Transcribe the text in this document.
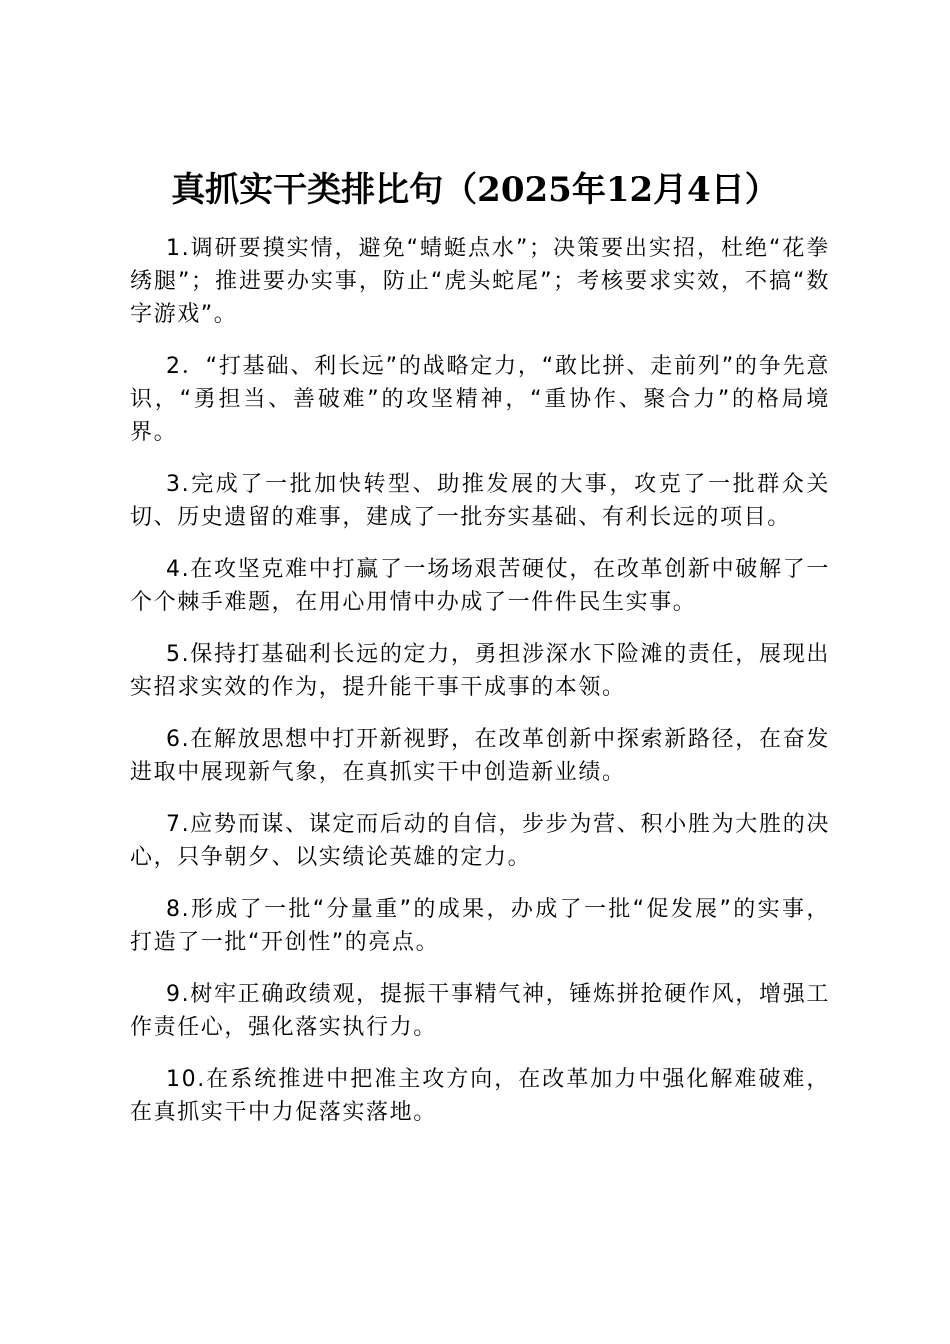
真抓实干类排比句（2025年12月4日）

1.调研要摸实情，避免“蜻蜓点水”；决策要出实招，杜绝“花拳绣腿”；推进要办实事，防止“虎头蛇尾”；考核要求实效，不搞“数字游戏”。

2．“打基础、利长远”的战略定力，“敢比拼、走前列”的争先意识，“勇担当、善破难”的攻坚精神，“重协作、聚合力”的格局境界。

3.完成了一批加快转型、助推发展的大事，攻克了一批群众关切、历史遗留的难事，建成了一批夯实基础、有利长远的项目。

4.在攻坚克难中打赢了一场场艰苦硬仗，在改革创新中破解了一个个棘手难题，在用心用情中办成了一件件民生实事。

5.保持打基础利长远的定力，勇担涉深水下险滩的责任，展现出实招求实效的作为，提升能干事干成事的本领。

6.在解放思想中打开新视野，在改革创新中探索新路径，在奋发进取中展现新气象，在真抓实干中创造新业绩。

7.应势而谋、谋定而后动的自信，步步为营、积小胜为大胜的决心，只争朝夕、以实绩论英雄的定力。

8.形成了一批“分量重”的成果，办成了一批“促发展”的实事，打造了一批“开创性”的亮点。

9.树牢正确政绩观，提振干事精气神，锤炼拼抢硬作风，增强工作责任心，强化落实执行力。

10.在系统推进中把准主攻方向，在改革加力中强化解难破难，在真抓实干中力促落实落地。
